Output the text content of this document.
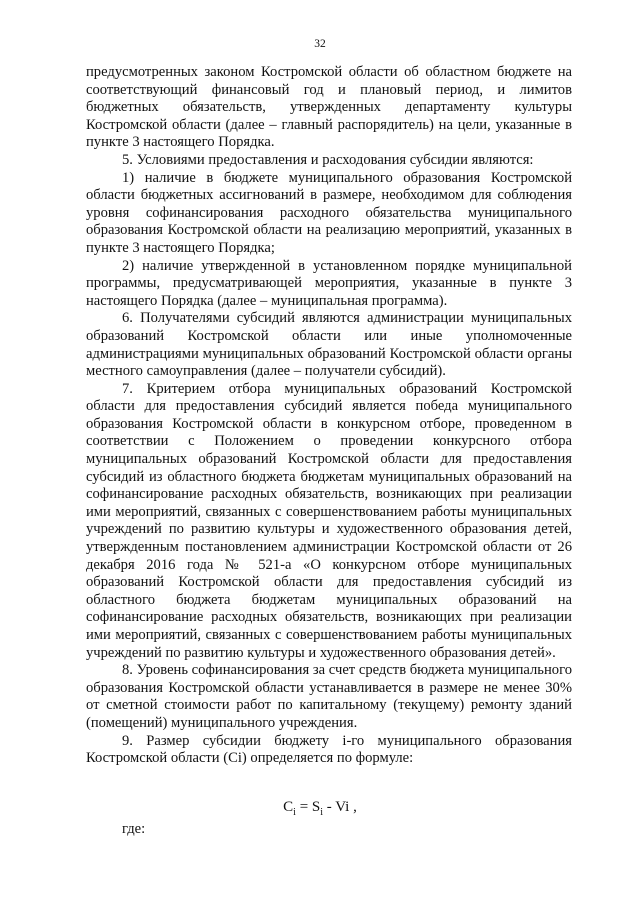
32

предусмотренных законом Костромской области об областном бюджете на соответствующий финансовый год и плановый период, и лимитов бюджетных обязательств, утвержденных департаменту культуры Костромской области (далее – главный распорядитель) на цели, указанные в пункте 3 настоящего Порядка.

5. Условиями предоставления и расходования субсидии являются:

1) наличие в бюджете муниципального образования Костромской области бюджетных ассигнований в размере, необходимом для соблюдения уровня софинансирования расходного обязательства муниципального образования Костромской области на реализацию мероприятий, указанных в пункте 3 настоящего Порядка;

2) наличие утвержденной в установленном порядке муниципальной программы, предусматривающей мероприятия, указанные в пункте 3 настоящего Порядка (далее – муниципальная программа).

6. Получателями субсидий являются администрации муниципальных образований Костромской области или иные уполномоченные администрациями муниципальных образований Костромской области органы местного самоуправления (далее – получатели субсидий).

7. Критерием отбора муниципальных образований Костромской области для предоставления субсидий является победа муниципального образования Костромской области в конкурсном отборе, проведенном в соответствии с Положением о проведении конкурсного отбора муниципальных образований Костромской области для предоставления субсидий из областного бюджета бюджетам муниципальных образований на софинансирование расходных обязательств, возникающих при реализации ими мероприятий, связанных с совершенствованием работы муниципальных учреждений по развитию культуры и художественного образования детей, утвержденным постановлением администрации Костромской области от 26 декабря 2016 года № 521-а «О конкурсном отборе муниципальных образований Костромской области для предоставления субсидий из областного бюджета бюджетам муниципальных образований на софинансирование расходных обязательств, возникающих при реализации ими мероприятий, связанных с совершенствованием работы муниципальных учреждений по развитию культуры и художественного образования детей».

8. Уровень софинансирования за счет средств бюджета муниципального образования Костромской области устанавливается в размере не менее 30% от сметной стоимости работ по капитальному (текущему) ремонту зданий (помещений) муниципального учреждения.

9. Размер субсидии бюджету i-го муниципального образования Костромской области (Ci) определяется по формуле:

$C_i = S_i - Vi$ ,
где:
